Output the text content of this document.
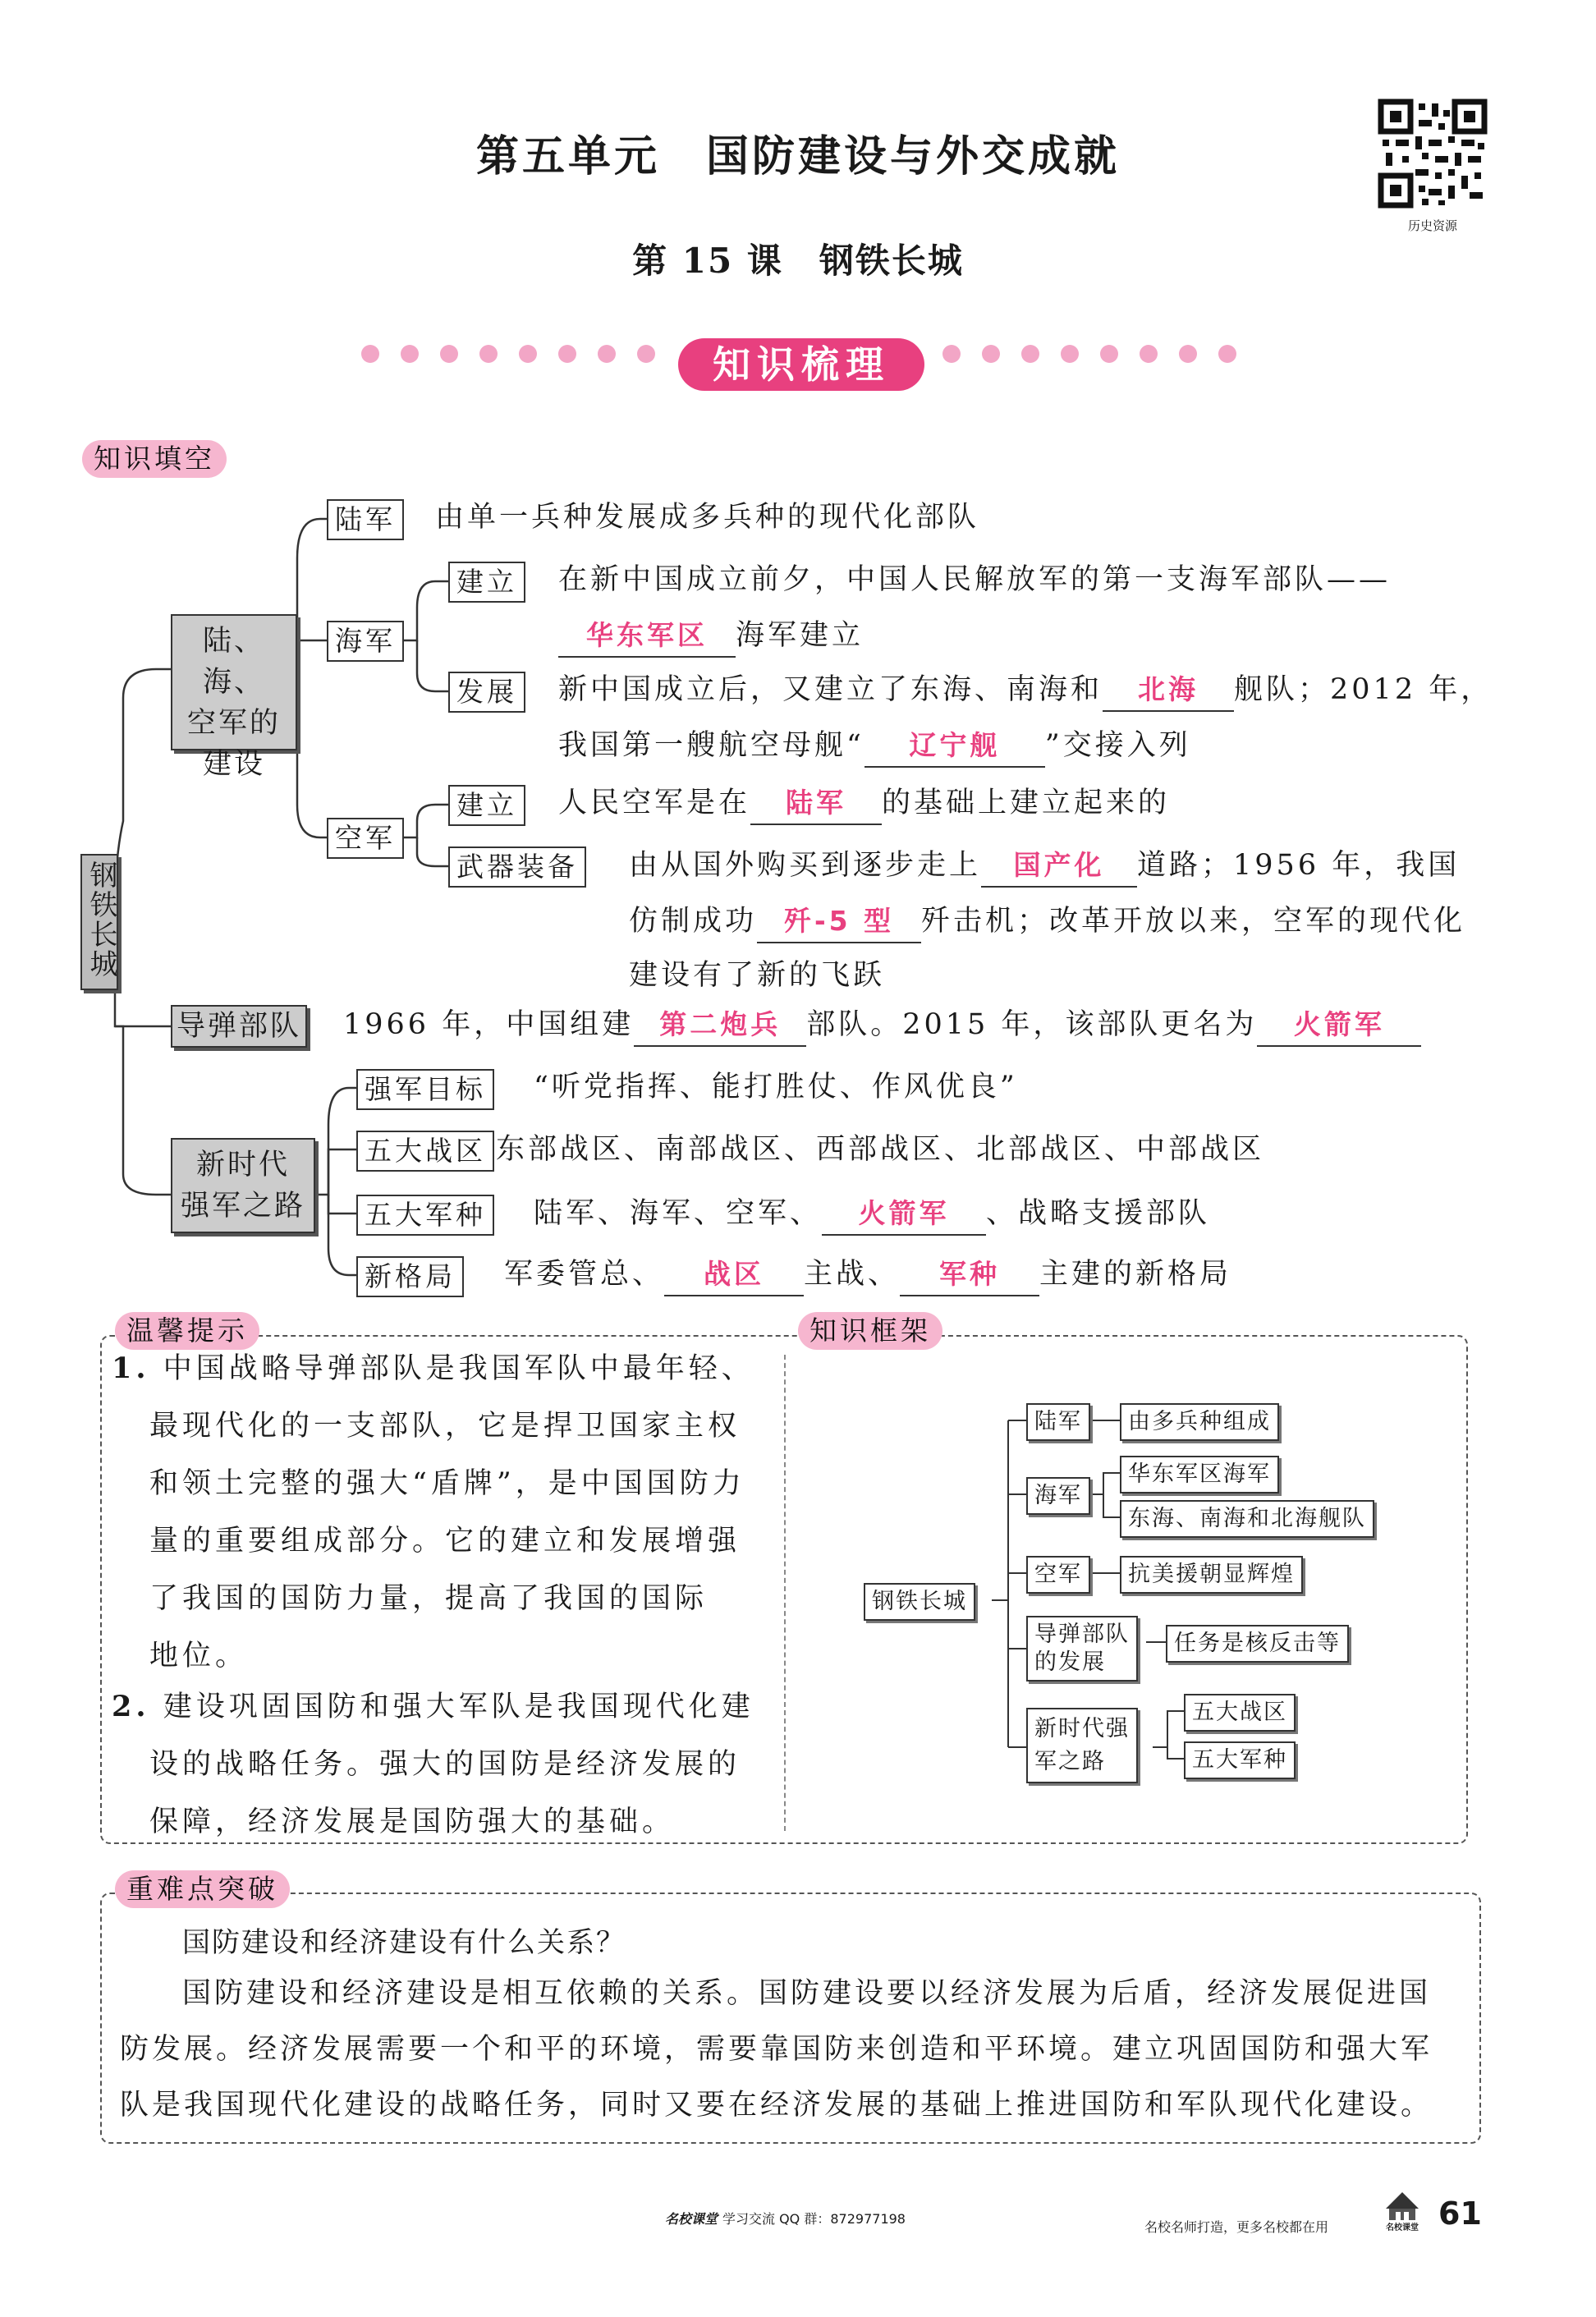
第五单元　国防建设与外交成就
第 15 课　钢铁长城
历史资源
知识梳理
知识填空
钢铁长城
陆、海、
空军的
建设
陆军 由单一兵种发展成多兵种的现代化部队
海军
建立 在新中国成立前夕，中国人民解放军的第一支海军部队——
华东军区 海军建立
发展 新中国成立后，又建立了东海、南海和 北海 舰队；2012 年，
我国第一艘航空母舰“ 辽宁舰 ”交接入列
空军
建立 人民空军是在 陆军 的基础上建立起来的
武器装备 由从国外购买到逐步走上 国产化 道路；1956 年，我国
仿制成功 歼-5 型 歼击机；改革开放以来，空军的现代化
建设有了新的飞跃
导弹部队 1966 年，中国组建 第二炮兵 部队。2015 年，该部队更名为 火箭军
新时代
强军之路
强军目标 “听党指挥、能打胜仗、作风优良”
五大战区 东部战区、南部战区、西部战区、北部战区、中部战区
五大军种 陆军、海军、空军、 火箭军 、战略支援部队
新格局 军委管总、 战区 主战、 军种 主建的新格局
温馨提示	知识框架
1. 中国战略导弹部队是我国军队中最年轻、
最现代化的一支部队，它是捍卫国家主权
和领土完整的强大“盾牌”，是中国国防力
量的重要组成部分。它的建立和发展增强
了我国的国防力量，提高了我国的国际
地位。
2. 建设巩固国防和强大军队是我国现代化建
设的战略任务。强大的国防是经济发展的
保障，经济发展是国防强大的基础。
钢铁长城
陆军	由多兵种组成
海军
华东军区海军
东海、南海和北海舰队
空军	抗美援朝显辉煌
导弹部队
的发展
任务是核反击等
新时代强
军之路
五大战区
五大军种
重难点突破
国防建设和经济建设有什么关系？
国防建设和经济建设是相互依赖的关系。国防建设要以经济发展为后盾，经济发展促进国
防发展。经济发展需要一个和平的环境，需要靠国防来创造和平环境。建立巩固国防和强大军
队是我国现代化建设的战略任务，同时又要在经济发展的基础上推进国防和军队现代化建设。
名校课堂 学习交流 QQ 群：872977198
名校名师打造，更多名校都在用	名校课堂 61
